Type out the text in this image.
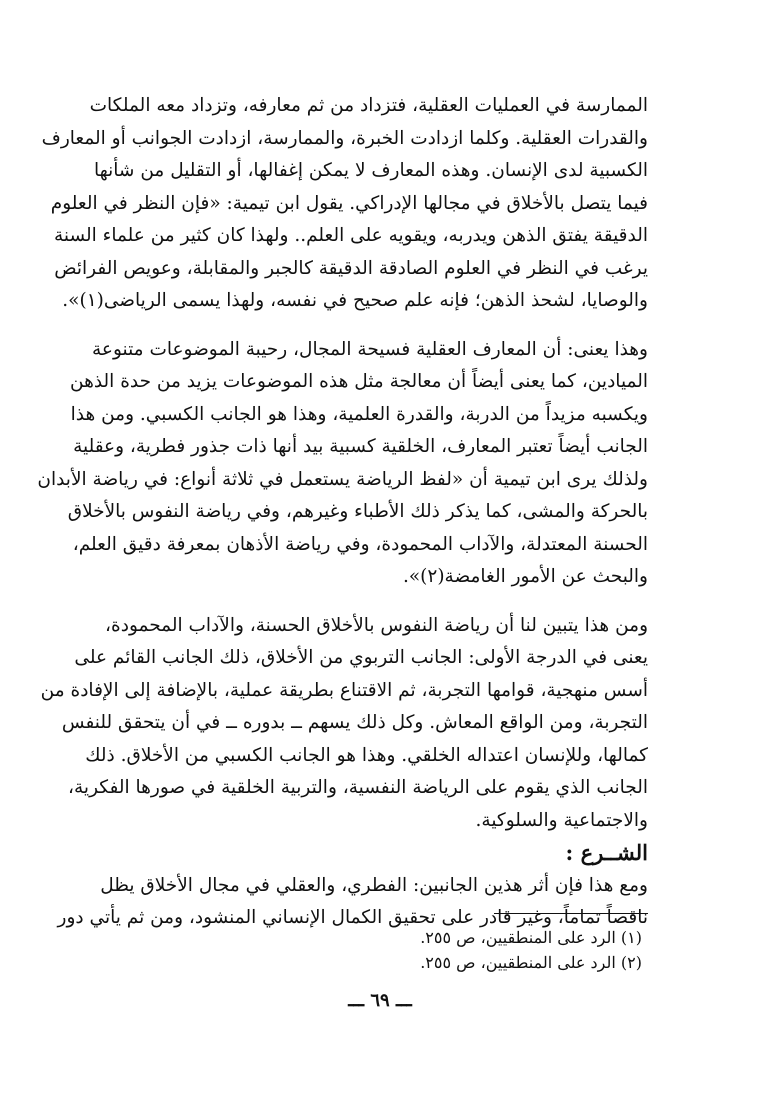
الممارسة في العمليات العقلية، فتزداد من ثم معارفه، وتزداد معه الملكات
والقدرات العقلية. وكلما ازدادت الخبرة، والممارسة، ازدادت الجوانب أو المعارف
الكسبية لدى الإنسان. وهذه المعارف لا يمكن إغفالها، أو التقليل من شأنها
فيما يتصل بالأخلاق في مجالها الإدراكي. يقول ابن تيمية: «فإن النظر في العلوم
الدقيقة يفتق الذهن ويدربه، ويقويه على العلم.. ولهذا كان كثير من علماء السنة
يرغب في النظر في العلوم الصادقة الدقيقة كالجبر والمقابلة، وعويص الفرائض
والوصايا، لشحذ الذهن؛ فإنه علم صحيح في نفسه، ولهذا يسمى الرياضى(١)».
وهذا يعنى: أن المعارف العقلية فسيحة المجال، رحيبة الموضوعات متنوعة
الميادين، كما يعنى أيضاً أن معالجة مثل هذه الموضوعات يزيد من حدة الذهن
ويكسبه مزيداً من الدربة، والقدرة العلمية، وهذا هو الجانب الكسبي. ومن هذا
الجانب أيضاً تعتبر المعارف، الخلقية كسبية بيد أنها ذات جذور فطرية، وعقلية
ولذلك يرى ابن تيمية أن «لفظ الرياضة يستعمل في ثلاثة أنواع: في رياضة الأبدان
بالحركة والمشى، كما يذكر ذلك الأطباء وغيرهم، وفي رياضة النفوس بالأخلاق
الحسنة المعتدلة، والآداب المحمودة، وفي رياضة الأذهان بمعرفة دقيق العلم،
والبحث عن الأمور الغامضة(٢)».
ومن هذا يتبين لنا أن رياضة النفوس بالأخلاق الحسنة، والآداب المحمودة،
يعنى في الدرجة الأولى: الجانب التربوي من الأخلاق، ذلك الجانب القائم على
أسس منهجية، قوامها التجربة، ثم الاقتناع بطريقة عملية، بالإضافة إلى الإفادة من
التجربة، ومن الواقع المعاش. وكل ذلك يسهم ــ بدوره ــ في أن يتحقق للنفس
كمالها، وللإنسان اعتداله الخلقي. وهذا هو الجانب الكسبي من الأخلاق. ذلك
الجانب الذي يقوم على الرياضة النفسية، والتربية الخلقية في صورها الفكرية،
والاجتماعية والسلوكية.
الشــرع :
ومع هذا فإن أثر هذين الجانبين: الفطري، والعقلي في مجال الأخلاق يظل
ناقصاً تماماً، وغير قادر على تحقيق الكمال الإنساني المنشود، ومن ثم يأتي دور
(١) الرد على المنطقيين، ص ٢٥٥.
(٢) الرد على المنطقيين، ص ٢٥٥.
ـــ ٦٩ ـــ
